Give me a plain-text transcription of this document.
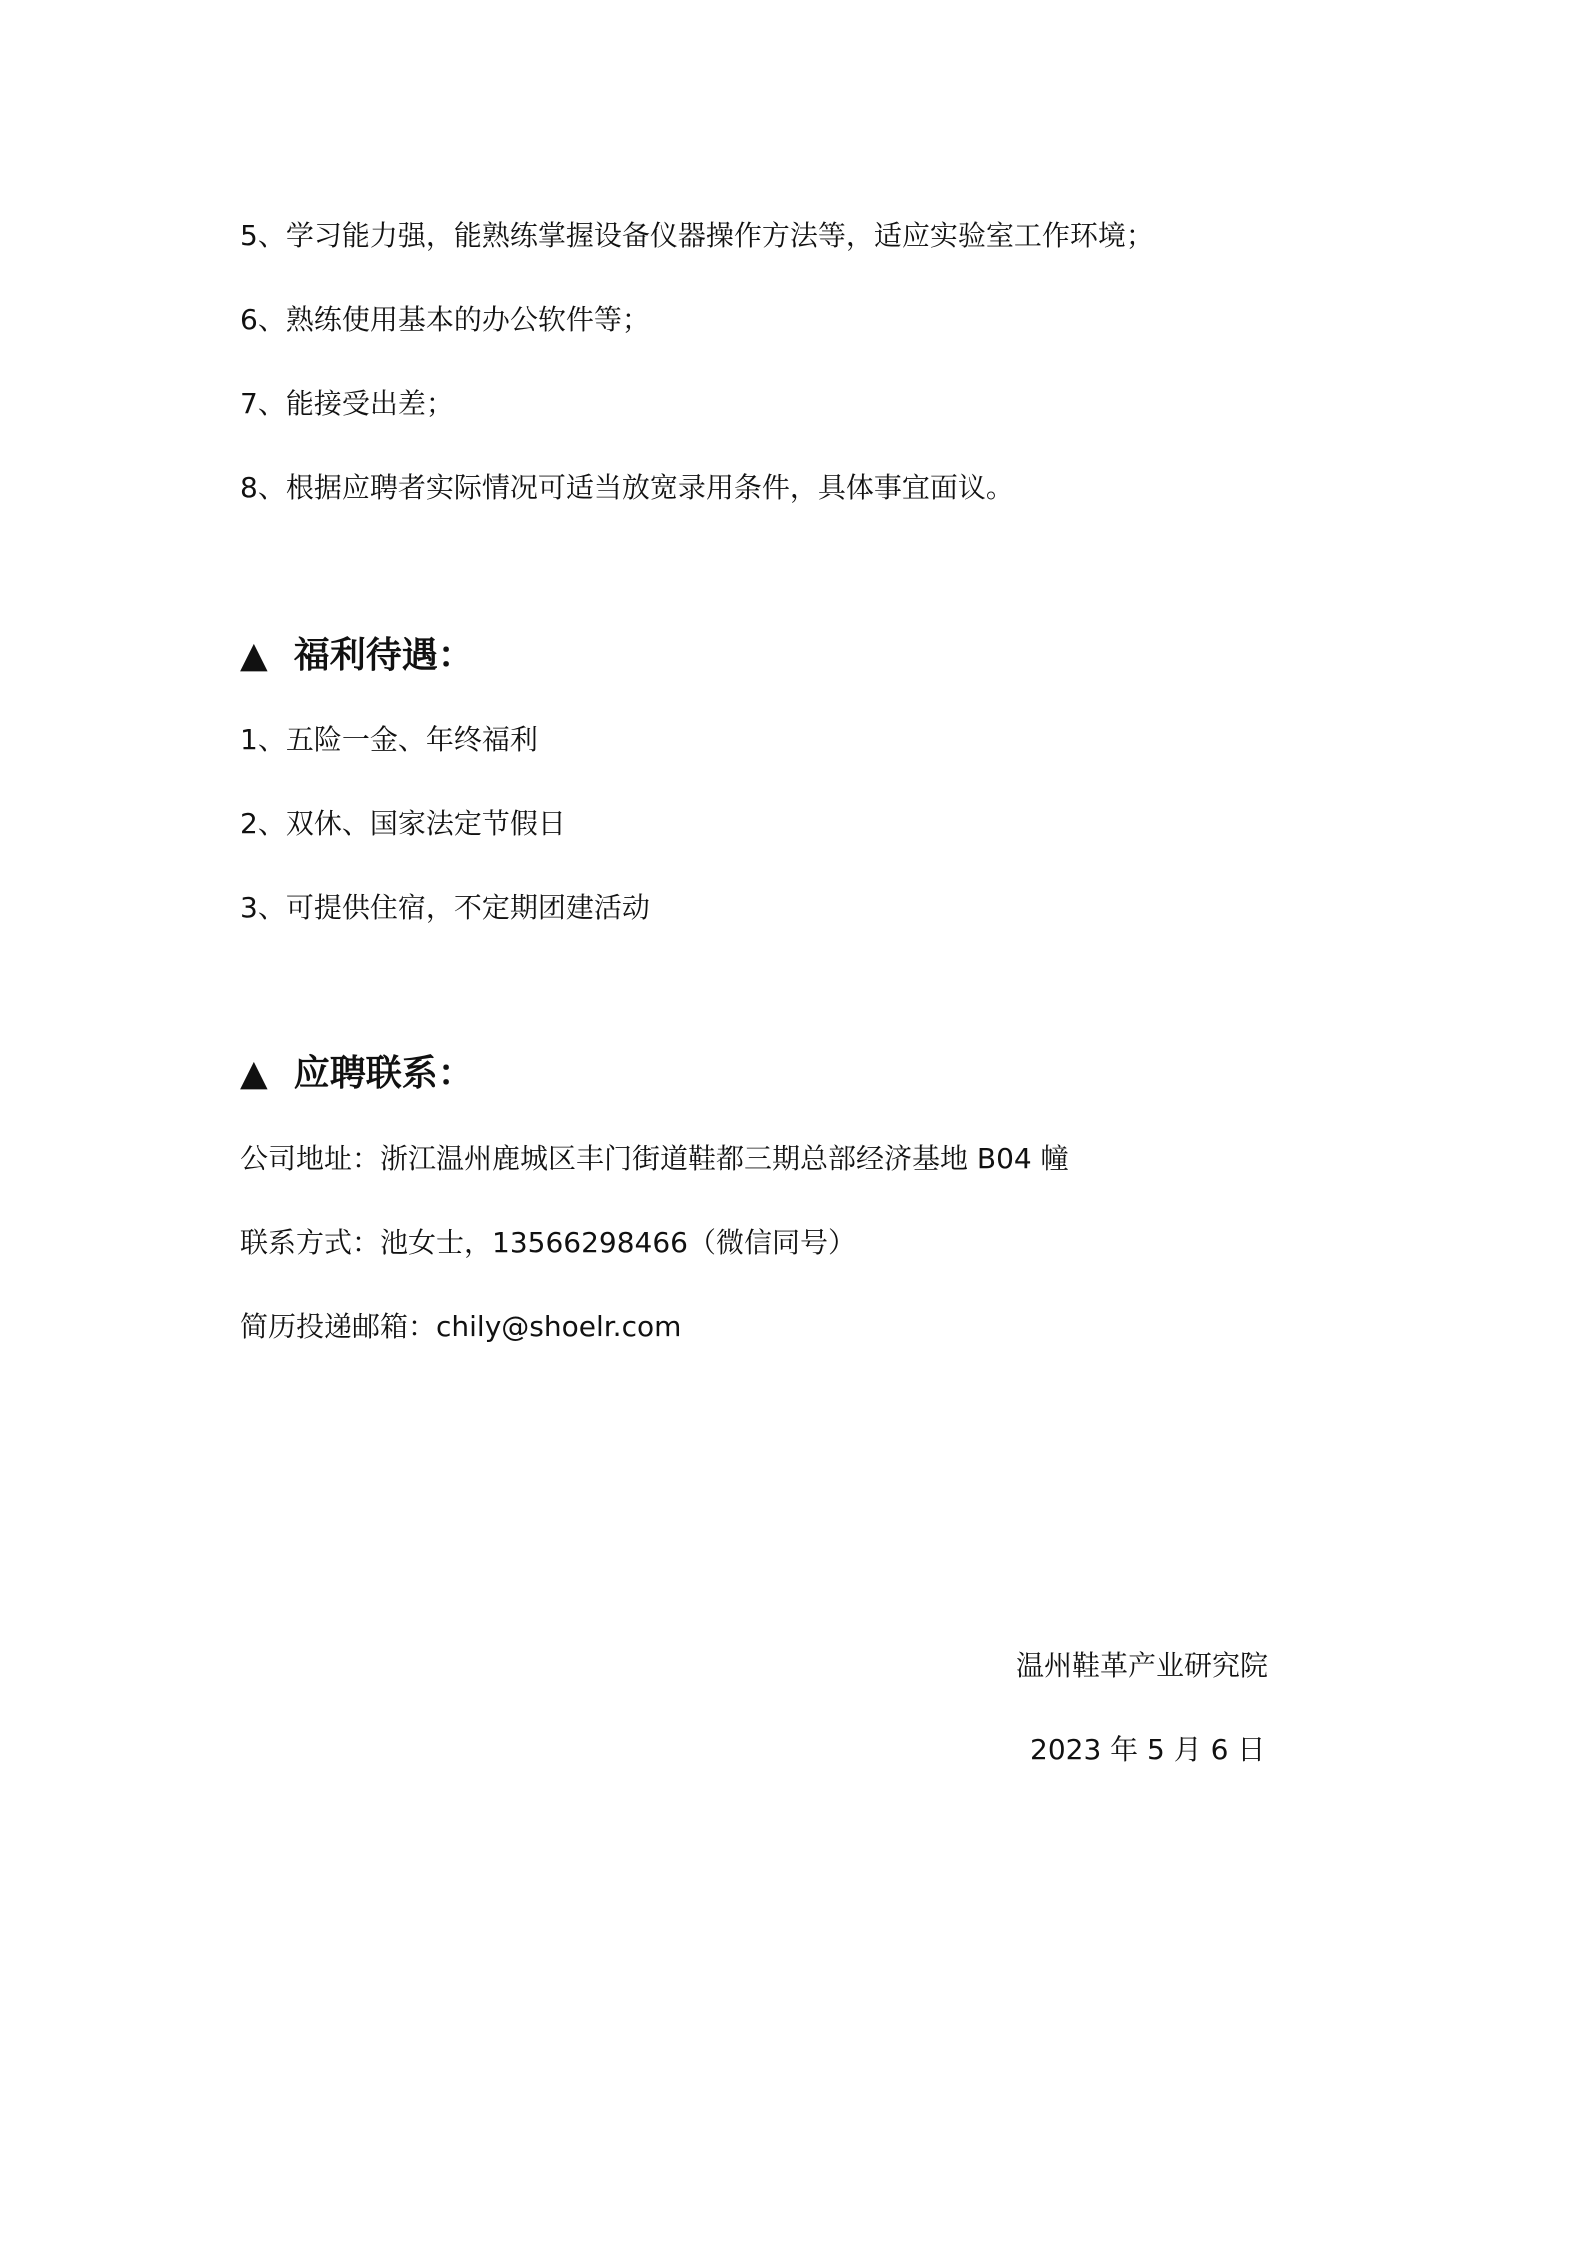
5、学习能力强，能熟练掌握设备仪器操作方法等，适应实验室工作环境；
6、熟练使用基本的办公软件等；
7、能接受出差；
8、根据应聘者实际情况可适当放宽录用条件，具体事宜面议。
▲ 福利待遇：
1、五险一金、年终福利
2、双休、国家法定节假日
3、可提供住宿，不定期团建活动
▲ 应聘联系：
公司地址：浙江温州鹿城区丰门街道鞋都三期总部经济基地 B04 幢
联系方式：池女士，13566298466（微信同号）
简历投递邮箱：chily@shoelr.com
温州鞋革产业研究院
2023 年 5 月 6 日
